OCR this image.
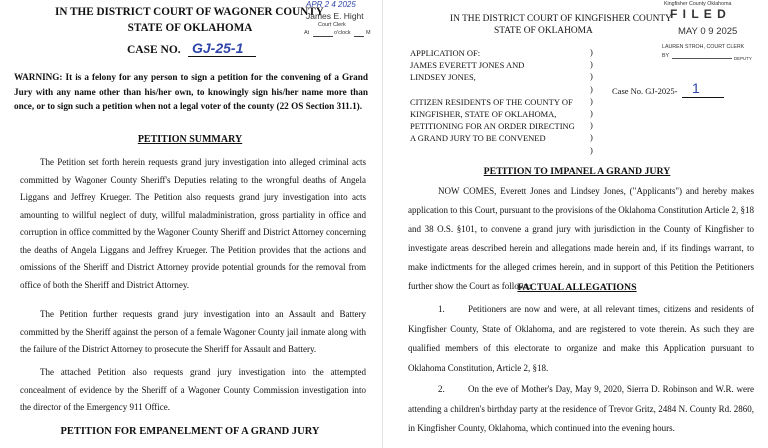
IN THE DISTRICT COURT OF WAGONER COUNTY
STATE OF OKLAHOMA
APR 2 4 2025
James E. Hight
Court Clerk
At	o'clock	M
CASE NO. GJ-25-1
WARNING: It is a felony for any person to sign a petition for the convening of a Grand Jury with any name other than his/her own, to knowingly sign his/her name more than once, or to sign such a petition when not a legal voter of the county (22 OS Section 311.1).
PETITION SUMMARY
The Petition set forth herein requests grand jury investigation into alleged criminal acts committed by Wagoner County Sheriff's Deputies relating to the wrongful deaths of Angela Liggans and Jeffrey Krueger. The Petition also requests grand jury investigation into acts amounting to willful neglect of duty, willful maladministration, gross partiality in office and corruption in office committed by the Wagoner County Sheriff and District Attorney concerning the deaths of Angela Liggans and Jeffrey Krueger. The Petition provides that the actions and omissions of the Sheriff and District Attorney provide potential grounds for the removal from office of both the Sheriff and District Attorney.
The Petition further requests grand jury investigation into an Assault and Battery committed by the Sheriff against the person of a female Wagoner County jail inmate along with the failure of the District Attorney to prosecute the Sheriff for Assault and Battery.
The attached Petition also requests grand jury investigation into the attempted concealment of evidence by the Sheriff of a Wagoner County Commission investigation into the director of the Emergency 911 Office.
PETITION FOR EMPANELMENT OF A GRAND JURY
IN THE DISTRICT COURT OF KINGFISHER COUNTY
STATE OF OKLAHOMA
Kingfisher County Oklahoma
F I L E D
MAY 0 9 2025
LAUREN STROH, COURT CLERK
BY	DEPUTY
APPLICATION OF:
JAMES EVERETT JONES AND
LINDSEY JONES,
CITIZEN RESIDENTS OF THE COUNTY OF
KINGFISHER, STATE OF OKLAHOMA,
PETITIONING FOR AN ORDER DIRECTING
A GRAND JURY TO BE CONVENED
)
)
)
)
)
)
)
)
)
Case No. GJ-2025- 1
PETITION TO IMPANEL A GRAND JURY
NOW COMES, Everett Jones and Lindsey Jones, ("Applicants") and hereby makes application to this Court, pursuant to the provisions of the Oklahoma Constitution Article 2, §18 and 38 O.S. §101, to convene a grand jury with jurisdiction in the County of Kingfisher to investigate areas described herein and allegations made herein and, if its findings warrant, to make indictments for the alleged crimes herein, and in support of this Petition the Petitioners further show the Court as follows:
FACTUAL ALLEGATIONS
1.	Petitioners are now and were, at all relevant times, citizens and residents of Kingfisher County, State of Oklahoma, and are registered to vote therein. As such they are qualified members of this electorate to organize and make this Application pursuant to Oklahoma Constitution, Article 2, §18.
2.	On the eve of Mother's Day, May 9, 2020, Sierra D. Robinson and W.R. were attending a children's birthday party at the residence of Trevor Gritz, 2484 N. County Rd. 2860, in Kingfisher County, Oklahoma, which continued into the evening hours.
